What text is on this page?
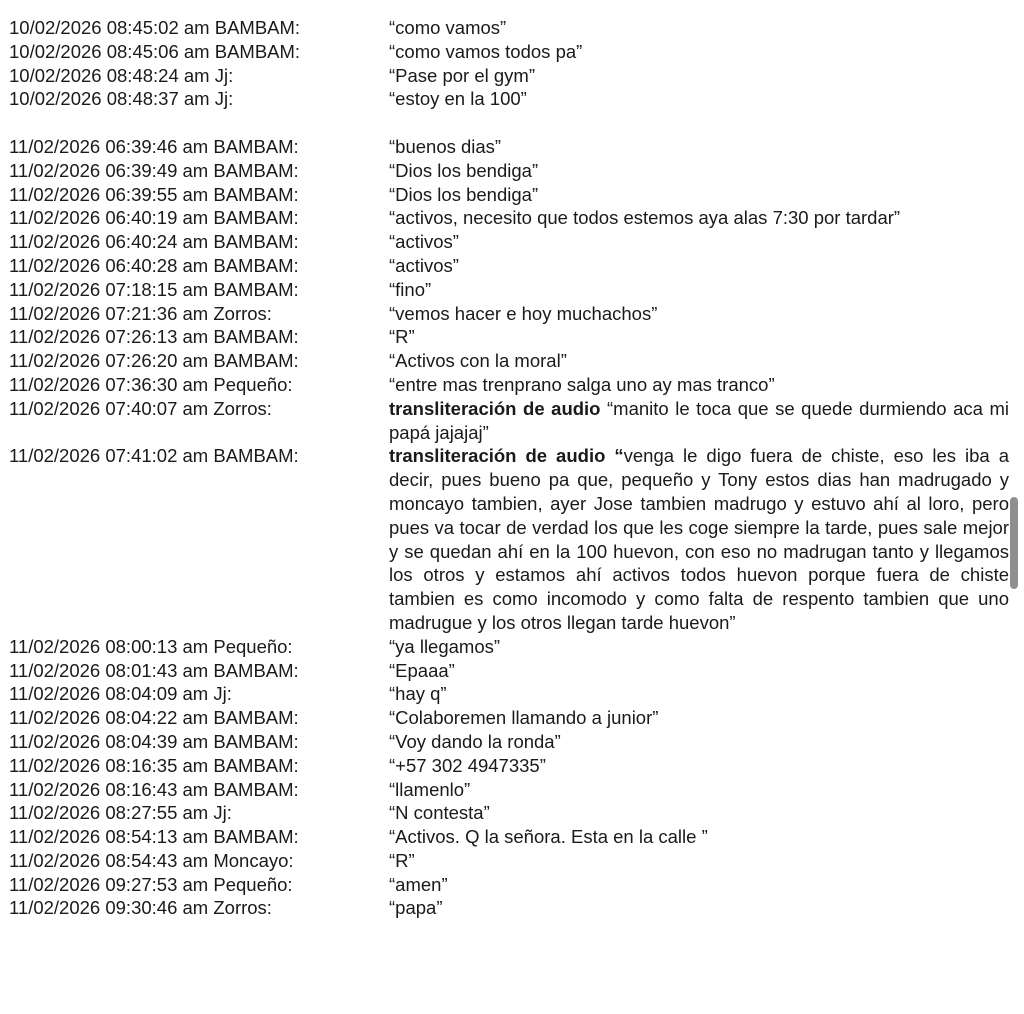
10/02/2026 08:45:02 am BAMBAM:	“como vamos”
10/02/2026 08:45:06 am BAMBAM:	“como vamos todos pa”
10/02/2026 08:48:24 am Jj:	“Pase por el gym”
10/02/2026 08:48:37 am Jj:	“estoy en la 100”
11/02/2026 06:39:46 am BAMBAM:	“buenos dias”
11/02/2026 06:39:49 am BAMBAM:	“Dios los bendiga”
11/02/2026 06:39:55 am BAMBAM:	“Dios los bendiga”
11/02/2026 06:40:19 am BAMBAM:	“activos, necesito que todos estemos aya alas 7:30 por tardar”
11/02/2026 06:40:24 am BAMBAM:	“activos”
11/02/2026 06:40:28 am BAMBAM:	“activos”
11/02/2026 07:18:15 am BAMBAM:	“fino”
11/02/2026 07:21:36 am Zorros:	“vemos hacer e hoy muchachos”
11/02/2026 07:26:13 am BAMBAM:	“R”
11/02/2026 07:26:20 am BAMBAM:	“Activos con la moral”
11/02/2026 07:36:30 am Pequeño:	“entre mas trenprano salga uno ay mas tranco”
11/02/2026 07:40:07 am Zorros:	transliteración de audio “manito le toca que se quede durmiendo aca mi papá jajajaj”
11/02/2026 07:41:02 am BAMBAM:	transliteración de audio “venga le digo fuera de chiste, eso les iba a decir, pues bueno pa que, pequeño y Tony estos dias han madrugado y moncayo tambien, ayer Jose tambien madrugo y estuvo ahí al loro, pero pues va tocar de verdad los que les coge siempre la tarde, pues sale mejor y se quedan ahí en la 100 huevon, con eso no madrugan tanto y llegamos los otros y estamos ahí activos todos huevon porque fuera de chiste tambien es como incomodo y como falta de respento tambien que uno madrugue y los otros llegan tarde huevon”
11/02/2026 08:00:13 am Pequeño:	“ya llegamos”
11/02/2026 08:01:43 am BAMBAM:	“Epaaa”
11/02/2026 08:04:09 am Jj:	“hay q”
11/02/2026 08:04:22 am BAMBAM:	“Colaboremen llamando a junior”
11/02/2026 08:04:39 am BAMBAM:	“Voy dando la ronda”
11/02/2026 08:16:35 am BAMBAM:	“+57 302 4947335”
11/02/2026 08:16:43 am BAMBAM:	“llamenlo”
11/02/2026 08:27:55 am Jj:	“N contesta”
11/02/2026 08:54:13 am BAMBAM:	“Activos. Q la señora. Esta en la calle ”
11/02/2026 08:54:43 am Moncayo:	“R”
11/02/2026 09:27:53 am Pequeño:	“amen”
11/02/2026 09:30:46 am Zorros:	“papa”
